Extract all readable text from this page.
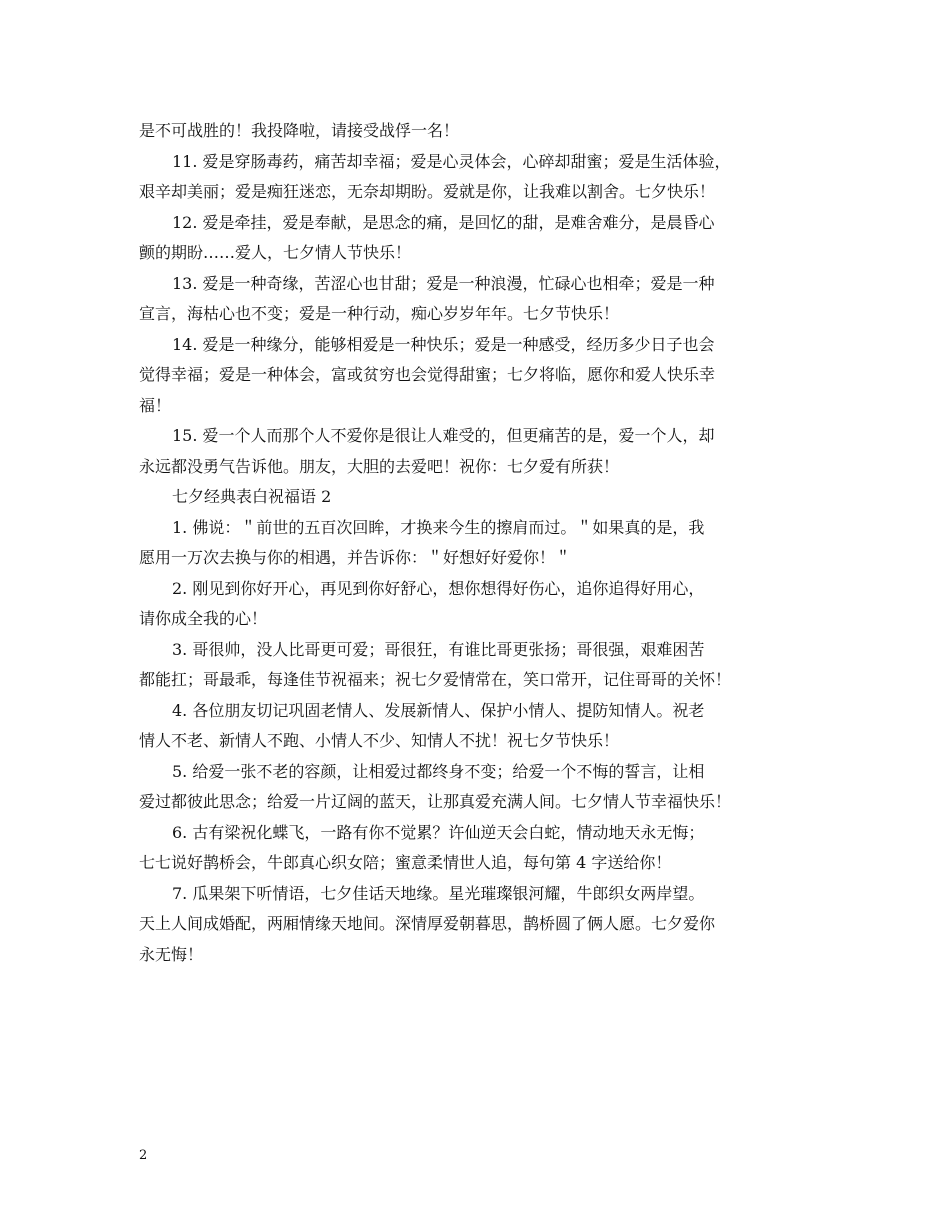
是不可战胜的！我投降啦，请接受战俘一名！

11. 爱是穿肠毒药，痛苦却幸福；爱是心灵体会，心碎却甜蜜；爱是生活体验，

艰辛却美丽；爱是痴狂迷恋，无奈却期盼。爱就是你，让我难以割舍。七夕快乐！

12. 爱是牵挂，爱是奉献，是思念的痛，是回忆的甜，是难舍难分，是晨昏心

颤的期盼……爱人，七夕情人节快乐！

13. 爱是一种奇缘，苦涩心也甘甜；爱是一种浪漫，忙碌心也相牵；爱是一种

宣言，海枯心也不变；爱是一种行动，痴心岁岁年年。七夕节快乐！

14. 爱是一种缘分，能够相爱是一种快乐；爱是一种感受，经历多少日子也会

觉得幸福；爱是一种体会，富或贫穷也会觉得甜蜜；七夕将临，愿你和爱人快乐幸

福！

15. 爱一个人而那个人不爱你是很让人难受的，但更痛苦的是，爱一个人，却

永远都没勇气告诉他。朋友，大胆的去爱吧！祝你：七夕爱有所获！

七夕经典表白祝福语 2

1. 佛说：＂前世的五百次回眸，才换来今生的擦肩而过。＂如果真的是，我

愿用一万次去换与你的相遇，并告诉你：＂好想好好爱你！＂

2. 刚见到你好开心，再见到你好舒心，想你想得好伤心，追你追得好用心，

请你成全我的心！

3. 哥很帅，没人比哥更可爱；哥很狂，有谁比哥更张扬；哥很强，艰难困苦

都能扛；哥最乖，每逢佳节祝福来；祝七夕爱情常在，笑口常开，记住哥哥的关怀！

4. 各位朋友切记巩固老情人、发展新情人、保护小情人、提防知情人。祝老

情人不老、新情人不跑、小情人不少、知情人不扰！祝七夕节快乐！

5. 给爱一张不老的容颜，让相爱过都终身不变；给爱一个不悔的誓言，让相

爱过都彼此思念；给爱一片辽阔的蓝天，让那真爱充满人间。七夕情人节幸福快乐！

6. 古有梁祝化蝶飞，一路有你不觉累？许仙逆天会白蛇，情动地天永无悔；

七七说好鹊桥会，牛郎真心织女陪；蜜意柔情世人追，每句第 4 字送给你！

7. 瓜果架下听情语，七夕佳话天地缘。星光璀璨银河耀，牛郎织女两岸望。

天上人间成婚配，两厢情缘天地间。深情厚爱朝暮思，鹊桥圆了俩人愿。七夕爱你

永无悔！

2
